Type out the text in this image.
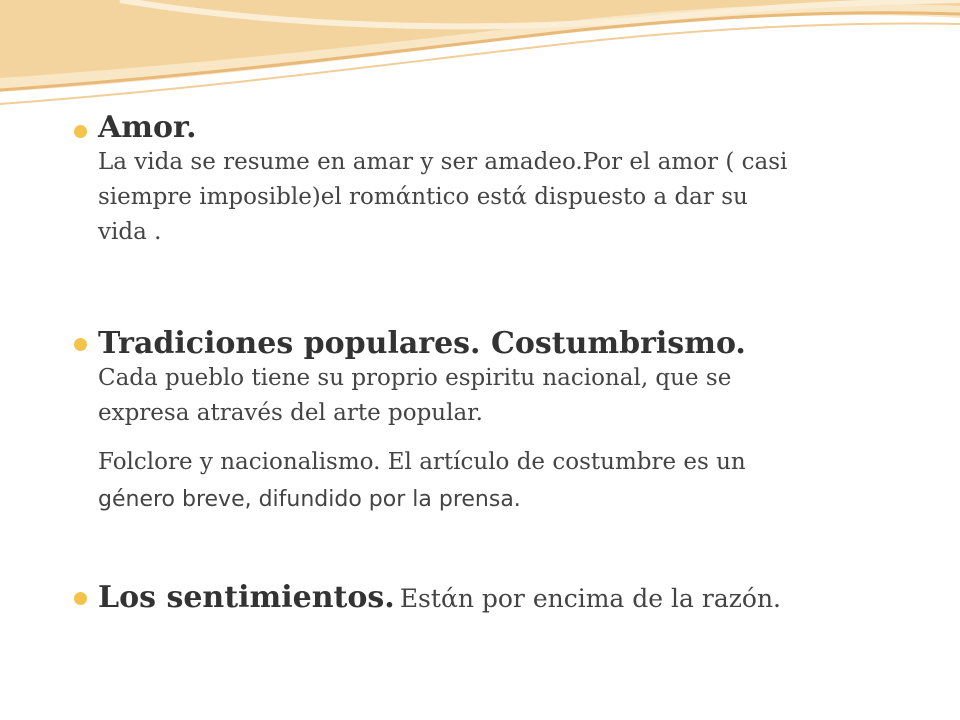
Amor.
La vida se resume en amar y ser amadeo.Por el amor ( casi
siempre imposible)el romάntico estά dispuesto a dar su
vida .
Tradiciones populares. Costumbrismo.
Cada pueblo tiene su proprio espiritu nacional, que se
expresa através del arte popular.
Folclore y nacionalismo. El artículo de costumbre es un
género breve, difundido por la prensa.
Los sentimientos. Estάn por encima de la razón.
